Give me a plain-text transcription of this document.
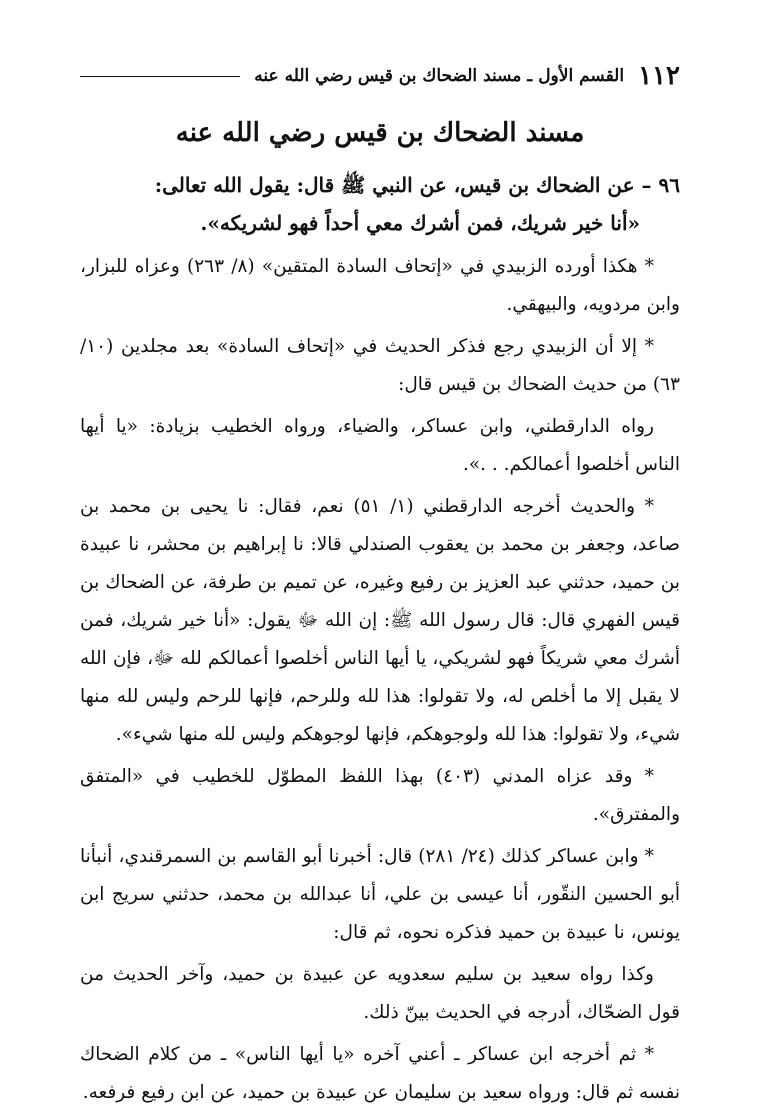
١١٢
القسم الأول ـ مسند الضحاك بن قيس رضي الله عنه
مسند الضحاك بن قيس رضي الله عنه
٩٦ – عن الضحاك بن قيس، عن النبي ﷺ قال: يقول الله تعالى:
«أنا خير شريك، فمن أشرك معي أحداً فهو لشريكه».

* هكذا أورده الزبيدي في «إتحاف السادة المتقين» (٨/ ٢٦٣) وعزاه للبزار، وابن مردويه، والبيهقي.

* إلا أن الزبيدي رجع فذكر الحديث في «إتحاف السادة» بعد مجلدين (١٠/ ٦٣) من حديث الضحاك بن قيس قال:

رواه الدارقطني، وابن عساكر، والضياء، ورواه الخطيب بزيادة: «يا أيها الناس أخلصوا أعمالكم. . .».

* والحديث أخرجه الدارقطني (١/ ٥١) نعم، فقال: نا يحيى بن محمد بن صاعد، وجعفر بن محمد بن يعقوب الصندلي قالا: نا إبراهيم بن محشر، نا عبيدة بن حميد، حدثني عبد العزيز بن رفيع وغيره، عن تميم بن طرفة، عن الضحاك بن قيس الفهري قال: قال رسول الله ﷺ: إن الله ﷻ يقول: «أنا خير شريك، فمن أشرك معي شريكاً فهو لشريكي، يا أيها الناس أخلصوا أعمالكم لله ﷻ، فإن الله لا يقبل إلا ما أخلص له، ولا تقولوا: هذا لله وللرحم، فإنها للرحم وليس لله منها شيء، ولا تقولوا: هذا لله ولوجوهكم، فإنها لوجوهكم وليس لله منها شيء».

* وقد عزاه المدني (٤٠٣) بهذا اللفظ المطوّل للخطيب في «المتفق والمفترق».

* وابن عساكر كذلك (٢٤/ ٢٨١) قال: أخبرنا أبو القاسم بن السمرقندي، أنبأنا أبو الحسين النقّور، أنا عيسى بن علي، أنا عبدالله بن محمد، حدثني سريج ابن يونس، نا عبيدة بن حميد فذكره نحوه، ثم قال:

وكذا رواه سعيد بن سليم سعدويه عن عبيدة بن حميد، وآخر الحديث من قول الضحّاك، أدرجه في الحديث بينّ ذلك.

* ثم أخرجه ابن عساكر ـ أعني آخره «يا أيها الناس» ـ من كلام الضحاك نفسه ثم قال: ورواه سعيد بن سليمان عن عبيدة بن حميد، عن ابن رفيع فرفعه.
